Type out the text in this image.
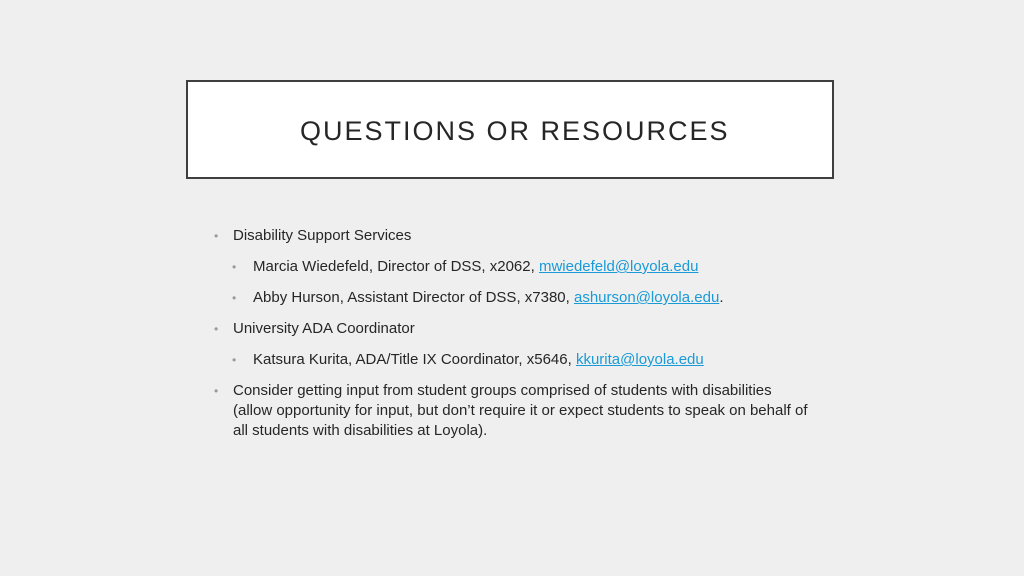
QUESTIONS OR RESOURCES
• Disability Support Services
• Marcia Wiedefeld, Director of DSS, x2062, mwiedefeld@loyola.edu
• Abby Hurson, Assistant Director of DSS, x7380, ashurson@loyola.edu.
• University ADA Coordinator
• Katsura Kurita, ADA/Title IX Coordinator, x5646, kkurita@loyola.edu
• Consider getting input from student groups comprised of students with disabilities (allow opportunity for input, but don’t require it or expect students to speak on behalf of all students with disabilities at Loyola).
